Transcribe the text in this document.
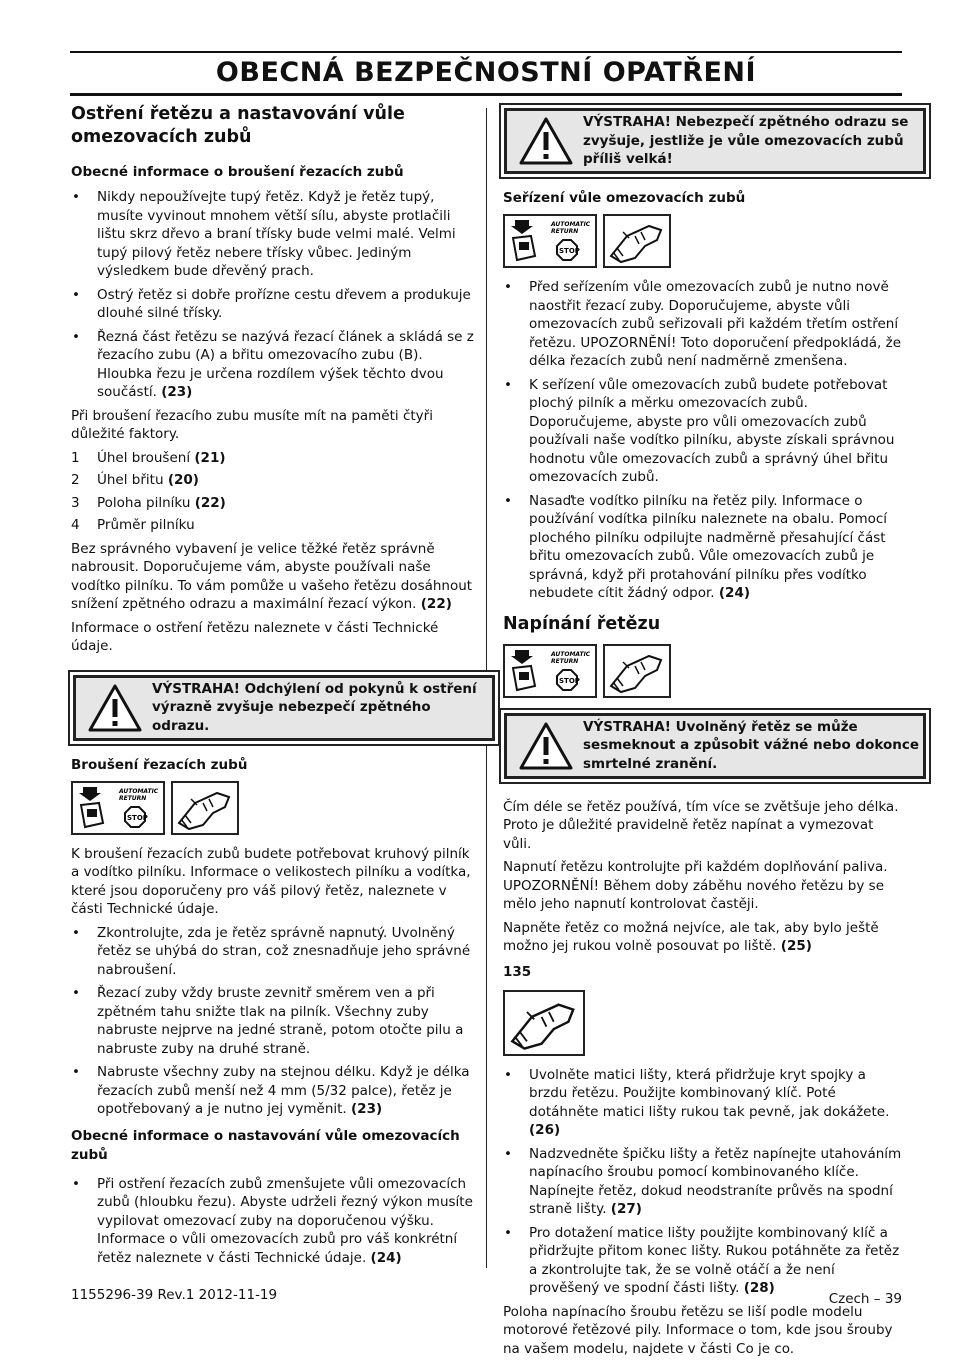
OBECNÁ BEZPEČNOSTNÍ OPATŘENÍ
Ostření řetězu a nastavování vůle omezovacích zubů
Obecné informace o broušení řezacích zubů
• Nikdy nepoužívejte tupý řetěz. Když je řetěz tupý, musíte vyvinout mnohem větší sílu, abyste protlačili lištu skrz dřevo a braní třísky bude velmi malé. Velmi tupý pilový řetěz nebere třísky vůbec. Jediným výsledkem bude dřevěný prach.
• Ostrý řetěz si dobře prořízne cestu dřevem a produkuje dlouhé silné třísky.
• Řezná část řetězu se nazývá řezací článek a skládá se z řezacího zubu (A) a břitu omezovacího zubu (B). Hloubka řezu je určena rozdílem výšek těchto dvou součástí. (23)

Při broušení řezacího zubu musíte mít na paměti čtyři důležité faktory.

1 Úhel broušení (21)
2 Úhel břitu (20)
3 Poloha pilníku (22)
4 Průměr pilníku

Bez správného vybavení je velice těžké řetěz správně nabrousit. Doporučujeme vám, abyste používali naše vodítko pilníku. To vám pomůže u vašeho řetězu dosáhnout snížení zpětného odrazu a maximální řezací výkon. (22)

Informace o ostření řetězu naleznete v části Technické údaje.

VÝSTRAHA! Odchýlení od pokynů k ostření výrazně zvyšuje nebezpečí zpětného odrazu.
Broušení řezacích zubů
AUTOMATIC
RETURN
STOP

K broušení řezacích zubů budete potřebovat kruhový pilník a vodítko pilníku. Informace o velikostech pilníku a vodítka, které jsou doporučeny pro váš pilový řetěz, naleznete v části Technické údaje.

• Zkontrolujte, zda je řetěz správně napnutý. Uvolněný řetěz se uhýbá do stran, což znesnadňuje jeho správné nabroušení.
• Řezací zuby vždy bruste zevnitř směrem ven a při zpětném tahu snižte tlak na pilník. Všechny zuby nabruste nejprve na jedné straně, potom otočte pilu a nabruste zuby na druhé straně.
• Nabruste všechny zuby na stejnou délku. Když je délka řezacích zubů menší než 4 mm (5/32 palce), řetěz je opotřebovaný a je nutno jej vyměnit. (23)
Obecné informace o nastavování vůle omezovacích zubů
• Při ostření řezacích zubů zmenšujete vůli omezovacích zubů (hloubku řezu). Abyste udrželi řezný výkon musíte vypilovat omezovací zuby na doporučenou výšku. Informace o vůli omezovacích zubů pro váš konkrétní řetěz naleznete v části Technické údaje. (24)
VÝSTRAHA! Nebezpečí zpětného odrazu se zvyšuje, jestliže je vůle omezovacích zubů příliš velká!
Seřízení vůle omezovacích zubů
AUTOMATIC
RETURN
STOP
• Před seřízením vůle omezovacích zubů je nutno nově naostřit řezací zuby. Doporučujeme, abyste vůli omezovacích zubů seřizovali při každém třetím ostření řetězu. UPOZORNĚNÍ! Toto doporučení předpokládá, že délka řezacích zubů není nadměrně zmenšena.
• K seřízení vůle omezovacích zubů budete potřebovat plochý pilník a měrku omezovacích zubů. Doporučujeme, abyste pro vůli omezovacích zubů používali naše vodítko pilníku, abyste získali správnou hodnotu vůle omezovacích zubů a správný úhel břitu omezovacích zubů.
• Nasaďte vodítko pilníku na řetěz pily. Informace o používání vodítka pilníku naleznete na obalu. Pomocí plochého pilníku odpilujte nadměrně přesahující část břitu omezovacích zubů. Vůle omezovacích zubů je správná, když při protahování pilníku přes vodítko nebudete cítit žádný odpor. (24)
Napínání řetězu
AUTOMATIC
RETURN
STOP
VÝSTRAHA! Uvolněný řetěz se může sesmeknout a způsobit vážné nebo dokonce smrtelné zranění.

Čím déle se řetěz používá, tím více se zvětšuje jeho délka. Proto je důležité pravidelně řetěz napínat a vymezovat vůli.

Napnutí řetězu kontrolujte při každém doplňování paliva. UPOZORNĚNÍ! Během doby záběhu nového řetězu by se mělo jeho napnutí kontrolovat častěji.

Napněte řetěz co možná nejvíce, ale tak, aby bylo ještě možno jej rukou volně posouvat po liště. (25)

135
• Uvolněte matici lišty, která přidržuje kryt spojky a brzdu řetězu. Použijte kombinovaný klíč. Poté dotáhněte matici lišty rukou tak pevně, jak dokážete. (26)
• Nadzvedněte špičku lišty a řetěz napínejte utahováním napínacího šroubu pomocí kombinovaného klíče. Napínejte řetěz, dokud neodstraníte průvěs na spodní straně lišty. (27)
• Pro dotažení matice lišty použijte kombinovaný klíč a přidržujte přitom konec lišty. Rukou potáhněte za řetěz a zkontrolujte tak, že se volně otáčí a že není prověšený ve spodní části lišty. (28)

Poloha napínacího šroubu řetězu se liší podle modelu motorové řetězové pily. Informace o tom, kde jsou šrouby na vašem modelu, najdete v části Co je co.

1155296-39 Rev.1 2012-11-19	Czech – 39
